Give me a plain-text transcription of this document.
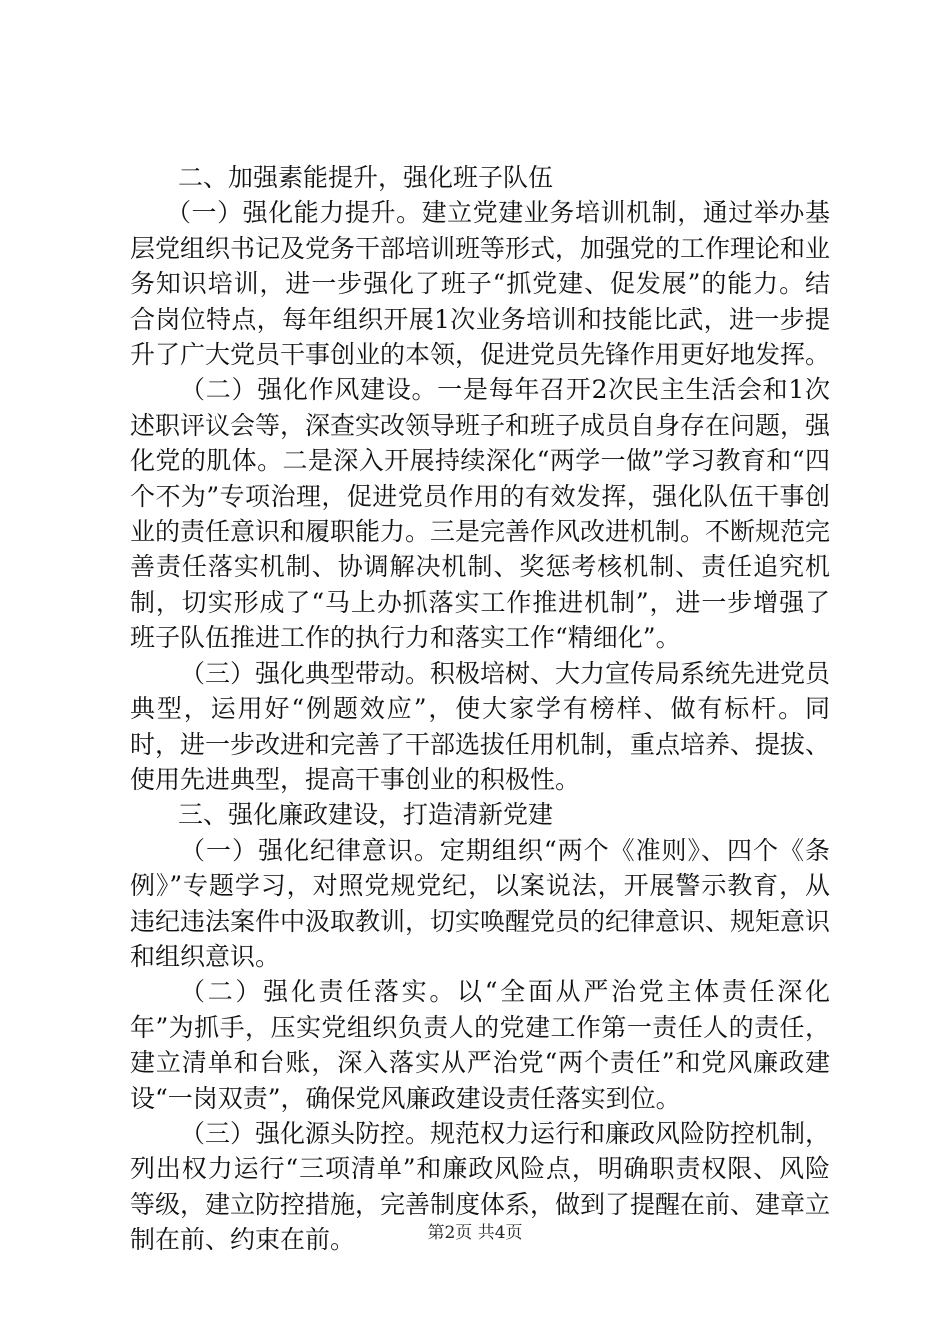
二、加强素能提升，强化班子队伍

（一）强化能力提升。建立党建业务培训机制，通过举办基层党组织书记及党务干部培训班等形式，加强党的工作理论和业务知识培训，进一步强化了班子“抓党建、促发展”的能力。结合岗位特点，每年组织开展1次业务培训和技能比武，进一步提升了广大党员干事创业的本领，促进党员先锋作用更好地发挥。

（二）强化作风建设。一是每年召开2次民主生活会和1次述职评议会等，深查实改领导班子和班子成员自身存在问题，强化党的肌体。二是深入开展持续深化“两学一做”学习教育和“四个不为”专项治理，促进党员作用的有效发挥，强化队伍干事创业的责任意识和履职能力。三是完善作风改进机制。不断规范完善责任落实机制、协调解决机制、奖惩考核机制、责任追究机制，切实形成了“马上办抓落实工作推进机制”，进一步增强了班子队伍推进工作的执行力和落实工作“精细化”。

（三）强化典型带动。积极培树、大力宣传局系统先进党员典型，运用好“例题效应”，使大家学有榜样、做有标杆。同时，进一步改进和完善了干部选拔任用机制，重点培养、提拔、使用先进典型，提高干事创业的积极性。

三、强化廉政建设，打造清新党建

（一）强化纪律意识。定期组织“两个《准则》、四个《条例》”专题学习，对照党规党纪，以案说法，开展警示教育，从违纪违法案件中汲取教训，切实唤醒党员的纪律意识、规矩意识和组织意识。

（二）强化责任落实。以“全面从严治党主体责任深化年”为抓手，压实党组织负责人的党建工作第一责任人的责任，建立清单和台账，深入落实从严治党“两个责任”和党风廉政建设“一岗双责”，确保党风廉政建设责任落实到位。

（三）强化源头防控。规范权力运行和廉政风险防控机制，列出权力运行“三项清单”和廉政风险点，明确职责权限、风险等级，建立防控措施，完善制度体系，做到了提醒在前、建章立制在前、约束在前。	第2页 共4页
